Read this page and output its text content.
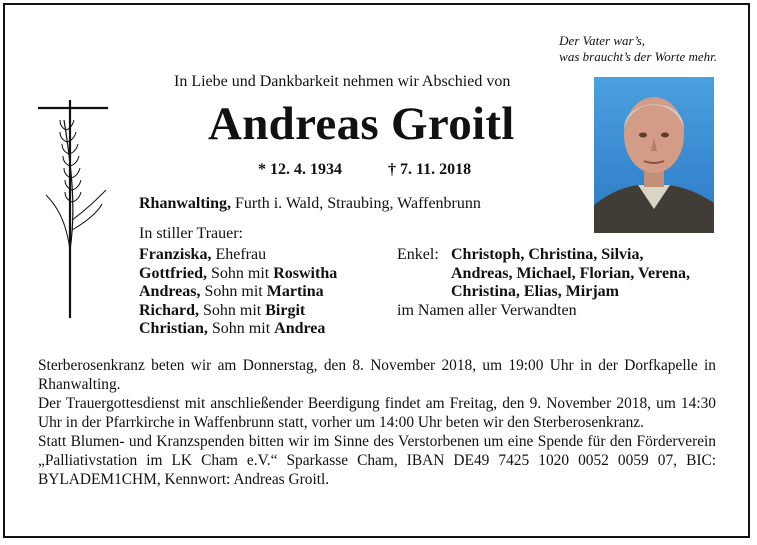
Der Vater war’s,
was braucht’s der Worte mehr.
In Liebe und Dankbarkeit nehmen wir Abschied von
Andreas Groitl
* 12. 4. 1934	† 7. 11. 2018
Rhanwalting, Furth i. Wald, Straubing, Waffenbrunn
In stiller Trauer:
Franziska, Ehefrau
Gottfried, Sohn mit Roswitha
Andreas, Sohn mit Martina
Richard, Sohn mit Birgit
Christian, Sohn mit Andrea
Enkel: Christoph, Christina, Silvia,
Andreas, Michael, Florian, Verena,
Christina, Elias, Mirjam
im Namen aller Verwandten

Sterberosenkranz beten wir am Donnerstag, den 8. November 2018, um 19:00 Uhr in der Dorfkapelle in Rhanwalting.

Der Trauergottesdienst mit anschließender Beerdigung findet am Freitag, den 9. November 2018, um 14:30 Uhr in der Pfarrkirche in Waffenbrunn statt, vorher um 14:00 Uhr beten wir den Sterberosenkranz.

Statt Blumen- und Kranzspenden bitten wir im Sinne des Verstorbenen um eine Spende für den Förderverein „Palliativstation im LK Cham e.V.“ Sparkasse Cham, IBAN DE49 7425 1020 0052 0059 07, BIC: BYLADEM1CHM, Kennwort: Andreas Groitl.
